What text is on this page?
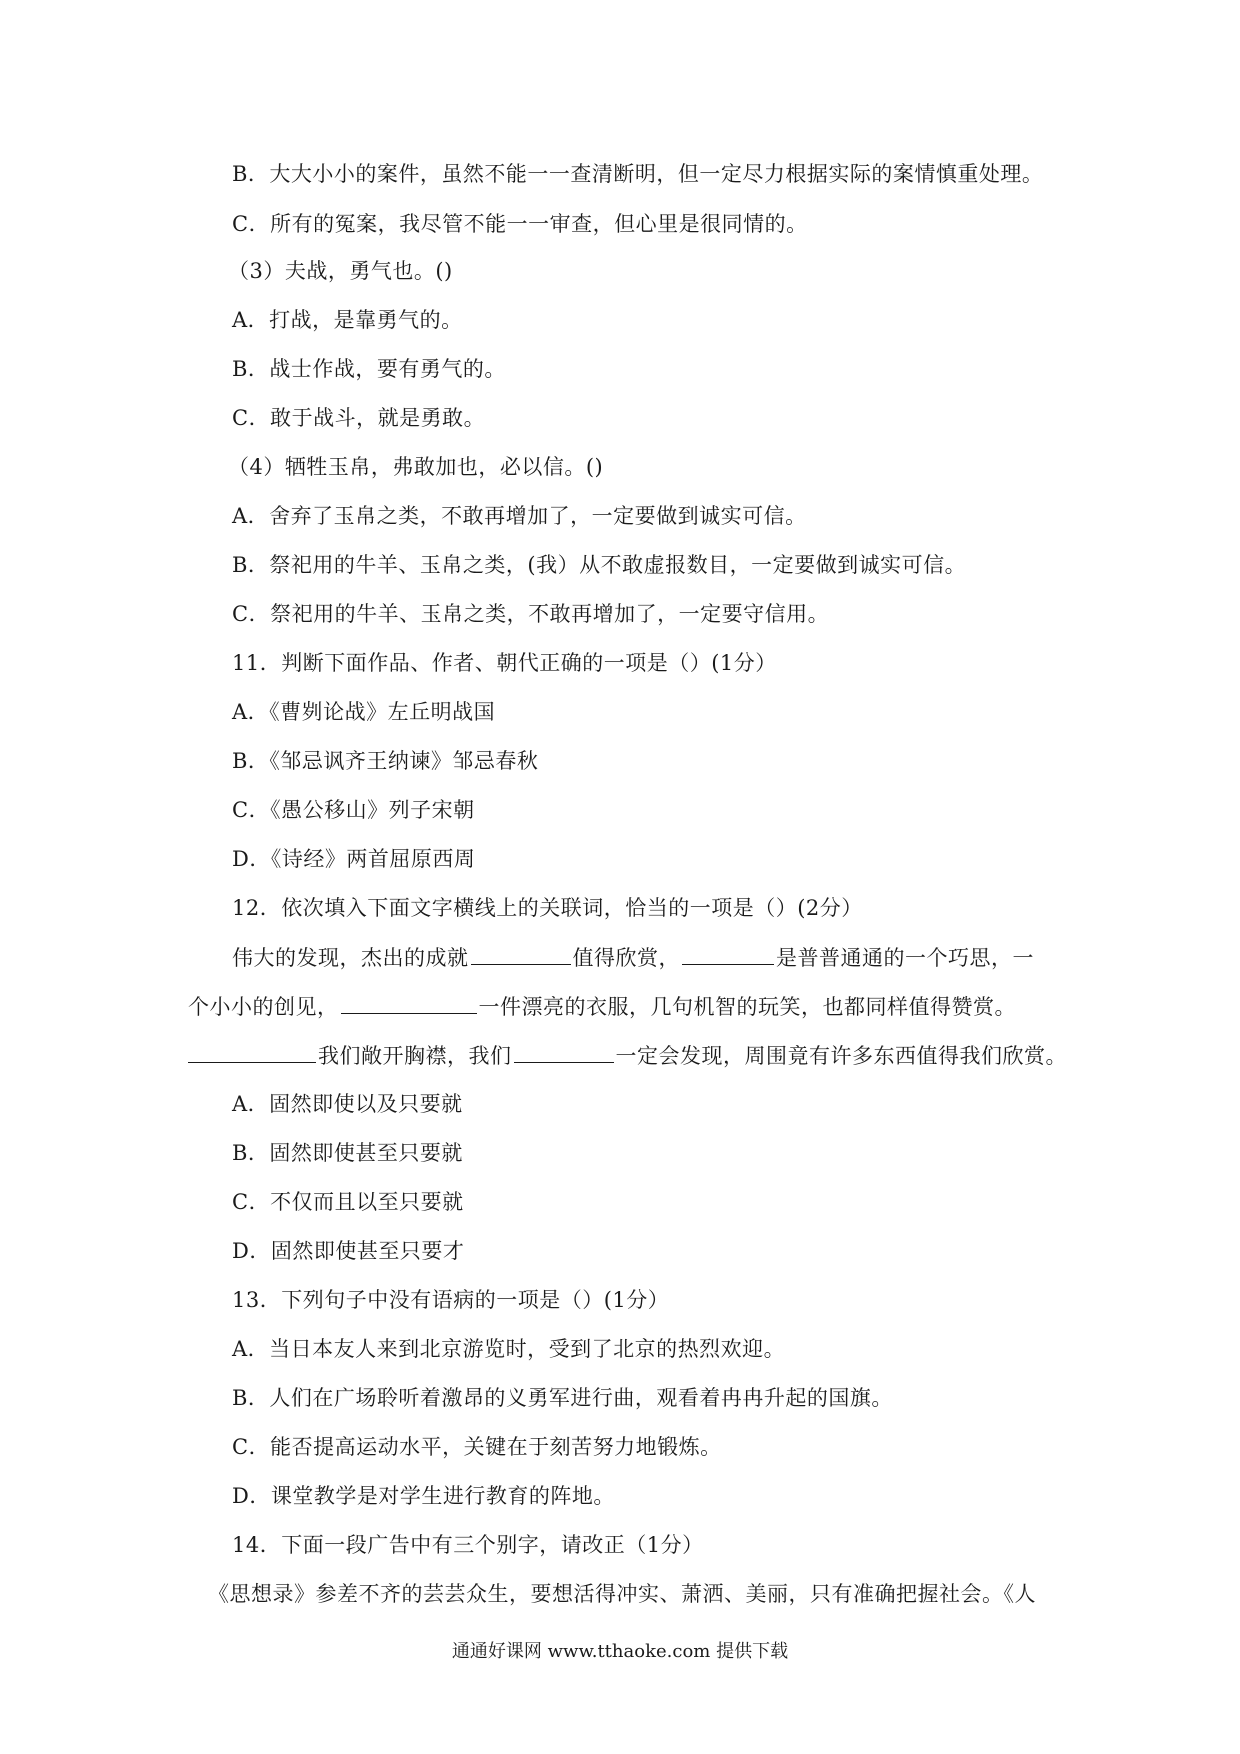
B．大大小小的案件，虽然不能一一查清断明，但一定尽力根据实际的案情慎重处理。
C．所有的冤案，我尽管不能一一审查，但心里是很同情的。
（3）夫战，勇气也。()
A．打战，是靠勇气的。
B．战士作战，要有勇气的。
C．敢于战斗，就是勇敢。
（4）牺牲玉帛，弗敢加也，必以信。()
A．舍弃了玉帛之类，不敢再增加了，一定要做到诚实可信。
B．祭祀用的牛羊、玉帛之类，(我）从不敢虚报数目，一定要做到诚实可信。
C．祭祀用的牛羊、玉帛之类，不敢再增加了，一定要守信用。
11．判断下面作品、作者、朝代正确的一项是（）(1分）
A．《曹刿论战》左丘明战国
B．《邹忌讽齐王纳谏》邹忌春秋
C．《愚公移山》列子宋朝
D．《诗经》两首屈原西周
12．依次填入下面文字横线上的关联词，恰当的一项是（）(2分）
伟大的发现，杰出的成就	值得欣赏，	是普普通通的一个巧思，一
个小小的创见，	一件漂亮的衣服，几句机智的玩笑，也都同样值得赞赏。
我们敞开胸襟，我们	一定会发现，周围竟有许多东西值得我们欣赏。
A．固然即使以及只要就
B．固然即使甚至只要就
C．不仅而且以至只要就
D．固然即使甚至只要才
13．下列句子中没有语病的一项是（）(1分）
A．当日本友人来到北京游览时，受到了北京的热烈欢迎。
B．人们在广场聆听着激昂的义勇军进行曲，观看着冉冉升起的国旗。
C．能否提高运动水平，关键在于刻苦努力地锻炼。
D．课堂教学是对学生进行教育的阵地。
14．下面一段广告中有三个别字，请改正（1分）
《思想录》参差不齐的芸芸众生，要想活得冲实、萧洒、美丽，只有准确把握社会。《人
通通好课网 www.tthaoke.com 提供下载
